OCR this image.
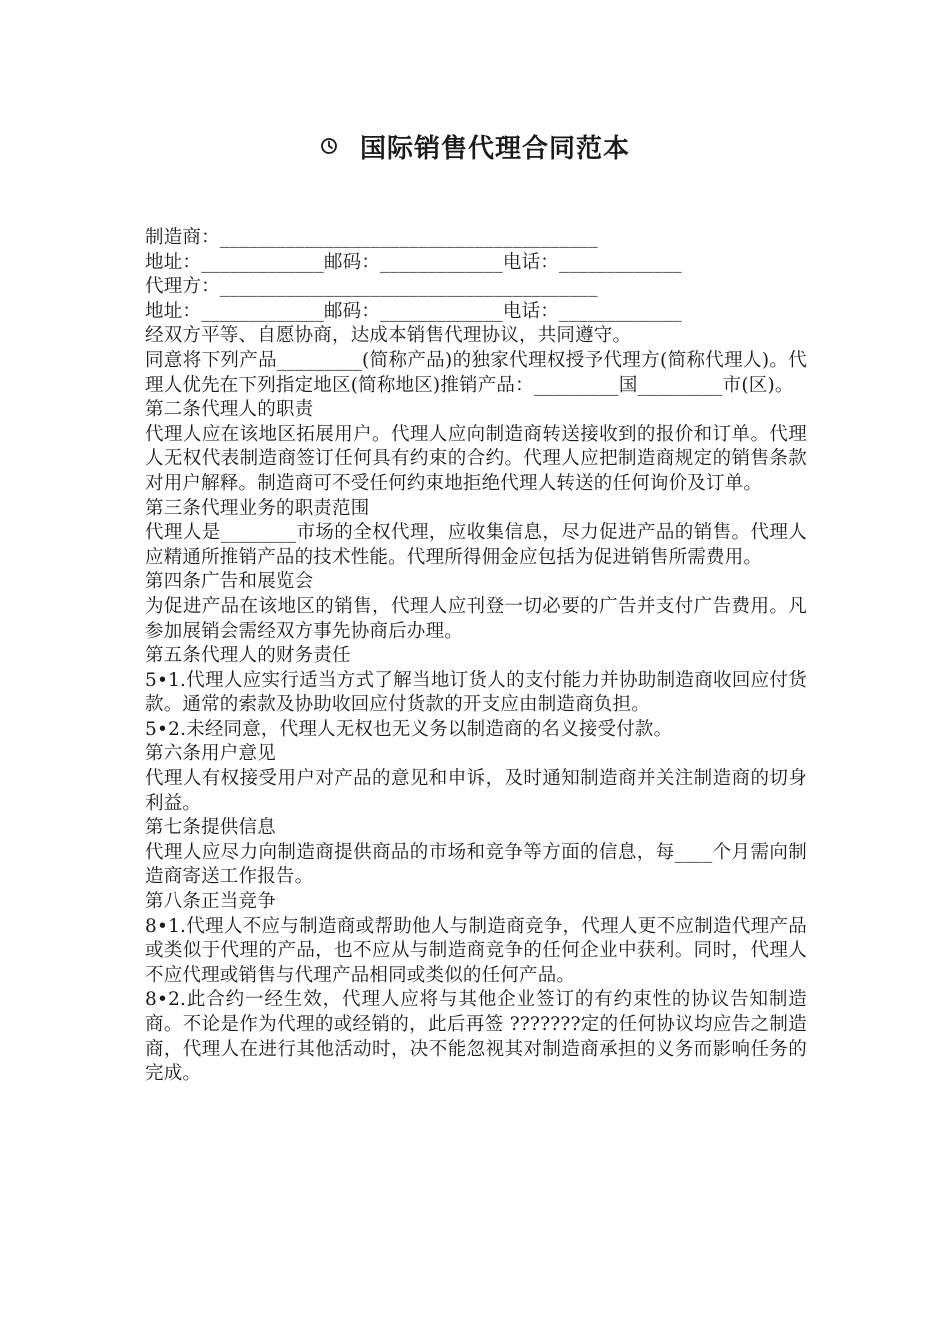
国际销售代理合同范本

制造商：________________________________________

地址：_____________邮码：_____________电话：_____________

代理方：________________________________________

地址：_____________邮码：_____________电话：_____________

经双方平等、自愿协商，达成本销售代理协议，共同遵守。

同意将下列产品_________(简称产品)的独家代理权授予代理方(简称代理人)。代理人优先在下列指定地区(简称地区)推销产品：_________国_________市(区)。

第二条代理人的职责

代理人应在该地区拓展用户。代理人应向制造商转送接收到的报价和订单。代理人无权代表制造商签订任何具有约束的合约。代理人应把制造商规定的销售条款对用户解释。制造商可不受任何约束地拒绝代理人转送的任何询价及订单。

第三条代理业务的职责范围

代理人是________市场的全权代理，应收集信息，尽力促进产品的销售。代理人应精通所推销产品的技术性能。代理所得佣金应包括为促进销售所需费用。

第四条广告和展览会

为促进产品在该地区的销售，代理人应刊登一切必要的广告并支付广告费用。凡参加展销会需经双方事先协商后办理。

第五条代理人的财务责任

5•1.代理人应实行适当方式了解当地订货人的支付能力并协助制造商收回应付货款。通常的索款及协助收回应付货款的开支应由制造商负担。

5•2.未经同意，代理人无权也无义务以制造商的名义接受付款。

第六条用户意见

代理人有权接受用户对产品的意见和申诉，及时通知制造商并关注制造商的切身利益。

第七条提供信息

代理人应尽力向制造商提供商品的市场和竞争等方面的信息，每____个月需向制造商寄送工作报告。

第八条正当竞争

8•1.代理人不应与制造商或帮助他人与制造商竞争，代理人更不应制造代理产品或类似于代理的产品，也不应从与制造商竞争的任何企业中获利。同时，代理人不应代理或销售与代理产品相同或类似的任何产品。

8•2.此合约一经生效，代理人应将与其他企业签订的有约束性的协议告知制造商。不论是作为代理的或经销的，此后再签 ???????定的任何协议均应告之制造商，代理人在进行其他活动时，决不能忽视其对制造商承担的义务而影响任务的完成。
